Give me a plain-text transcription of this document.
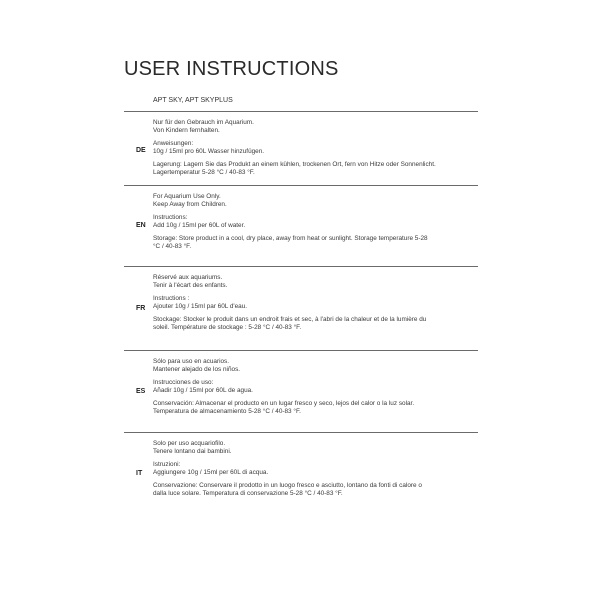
USER INSTRUCTIONS
APT SKY, APT SKYPLUS
DE
Nur für den Gebrauch im Aquarium.
Von Kindern fernhalten.
Anweisungen:
10g / 15ml pro 60L Wasser hinzufügen.
Lagerung: Lagern Sie das Produkt an einem kühlen, trockenen Ort, fern von Hitze oder Sonnenlicht.
Lagertemperatur 5-28 °C / 40-83 °F.
EN
For Aquarium Use Only.
Keep Away from Children.
Instructions:
Add 10g / 15ml per 60L of water.
Storage: Store product in a cool, dry place, away from heat or sunlight. Storage temperature 5-28
°C / 40-83 °F.
FR
Réservé aux aquariums.
Tenir à l'écart des enfants.
Instructions :
Ajouter 10g / 15ml par 60L d'eau.
Stockage: Stocker le produit dans un endroit frais et sec, à l'abri de la chaleur et de la lumière du
soleil. Température de stockage : 5-28 °C / 40-83 °F.
ES
Sólo para uso en acuarios.
Mantener alejado de los niños.
Instrucciones de uso:
Añadir 10g / 15ml por 60L de agua.
Conservación: Almacenar el producto en un lugar fresco y seco, lejos del calor o la luz solar.
Temperatura de almacenamiento 5-28 °C / 40-83 °F.
IT
Solo per uso acquariofilo.
Tenere lontano dai bambini.
Istruzioni:
Aggiungere 10g / 15ml per 60L di acqua.
Conservazione: Conservare il prodotto in un luogo fresco e asciutto, lontano da fonti di calore o
dalla luce solare. Temperatura di conservazione 5-28 °C / 40-83 °F.
